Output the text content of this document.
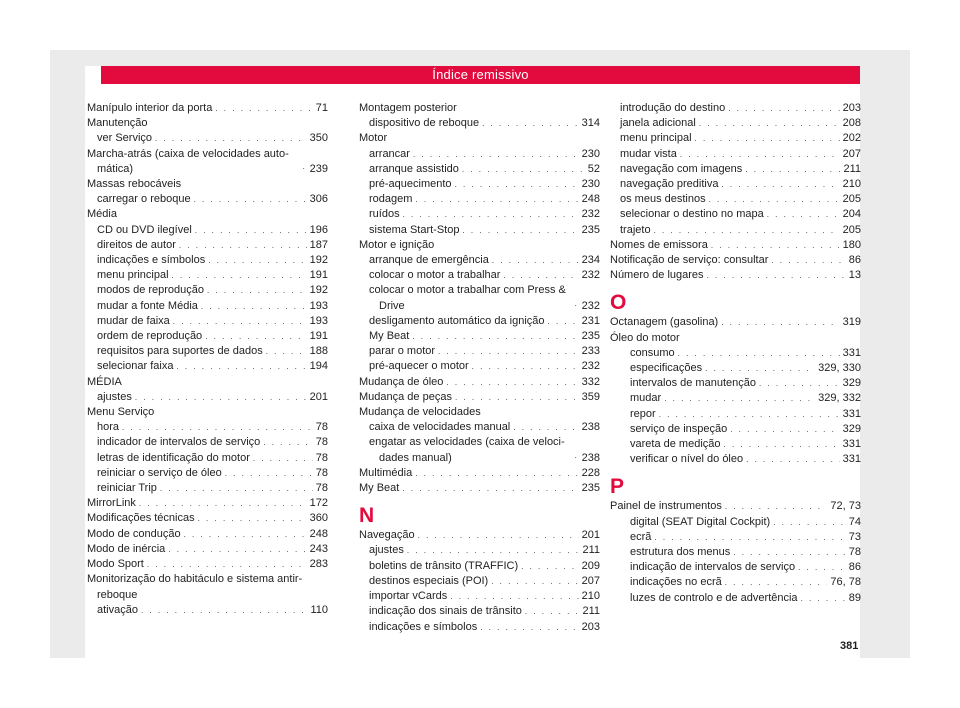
Índice remissivo
Manípulo interior da porta . . .	71
Manutenção
ver Serviço . . .	350
Marcha-atrás (caixa de velocidades auto-mática) . . .	239
Massas rebocáveis
carregar o reboque . . .	306
Média
CD ou DVD ilegível . . .	196
direitos de autor . . .	187
indicações e símbolos . . .	192
menu principal . . .	191
modos de reprodução . . .	192
mudar a fonte Média . . .	193
mudar de faixa . . .	193
ordem de reprodução . . .	191
requisitos para suportes de dados . . .	188
selecionar faixa . . .	194
MÉDIA
ajustes . . .	201
Menu Serviço
hora . . .	78
indicador de intervalos de serviço . . .	78
letras de identificação do motor . . .	78
reiniciar o serviço de óleo . . .	78
reiniciar Trip . . .	78
MirrorLink . . .	172
Modificações técnicas . . .	360
Modo de condução . . .	248
Modo de inércia . . .	243
Modo Sport . . .	283
Monitorização do habitáculo e sistema antir-reboque
ativação . . .	110
Montagem posterior
dispositivo de reboque . . .	314
Motor
arrancar . . .	230
arranque assistido . . .	52
pré-aquecimento . . .	230
rodagem . . .	248
ruídos . . .	232
sistema Start-Stop . . .	235
Motor e ignição
arranque de emergência . . .	234
colocar o motor a trabalhar . . .	232
colocar o motor a trabalhar com Press & Drive . . .	232
desligamento automático da ignição . . .	231
My Beat . . .	235
parar o motor . . .	233
pré-aquecer o motor . . .	232
Mudança de óleo . . .	332
Mudança de peças . . .	359
Mudança de velocidades
caixa de velocidades manual . . .	238
engatar as velocidades (caixa de veloci-dades manual) . . .	238
Multimédia . . .	228
My Beat . . .	235
N
Navegação . . .	201
ajustes . . .	211
boletins de trânsito (TRAFFIC) . . .	209
destinos especiais (POI) . . .	207
importar vCards . . .	210
indicação dos sinais de trânsito . . .	211
indicações e símbolos . . .	203
introdução do destino . . .	203
janela adicional . . .	208
menu principal . . .	202
mudar vista . . .	207
navegação com imagens . . .	211
navegação preditiva . . .	210
os meus destinos . . .	205
selecionar o destino no mapa . . .	204
trajeto . . .	205
Nomes de emissora . . .	180
Notificação de serviço: consultar . . .	86
Número de lugares . . .	13
O
Octanagem (gasolina) . . .	319
Óleo do motor
consumo . . .	331
especificações . . .	329, 330
intervalos de manutenção . . .	329
mudar . . .	329, 332
repor . . .	331
serviço de inspeção . . .	329
vareta de medição . . .	331
verificar o nível do óleo . . .	331
P
Painel de instrumentos . . .	72, 73
digital (SEAT Digital Cockpit) . . .	74
ecrã . . .	73
estrutura dos menus . . .	78
indicação de intervalos de serviço . . .	86
indicações no ecrã . . .	76, 78
luzes de controlo e de advertência . . .	89
381
